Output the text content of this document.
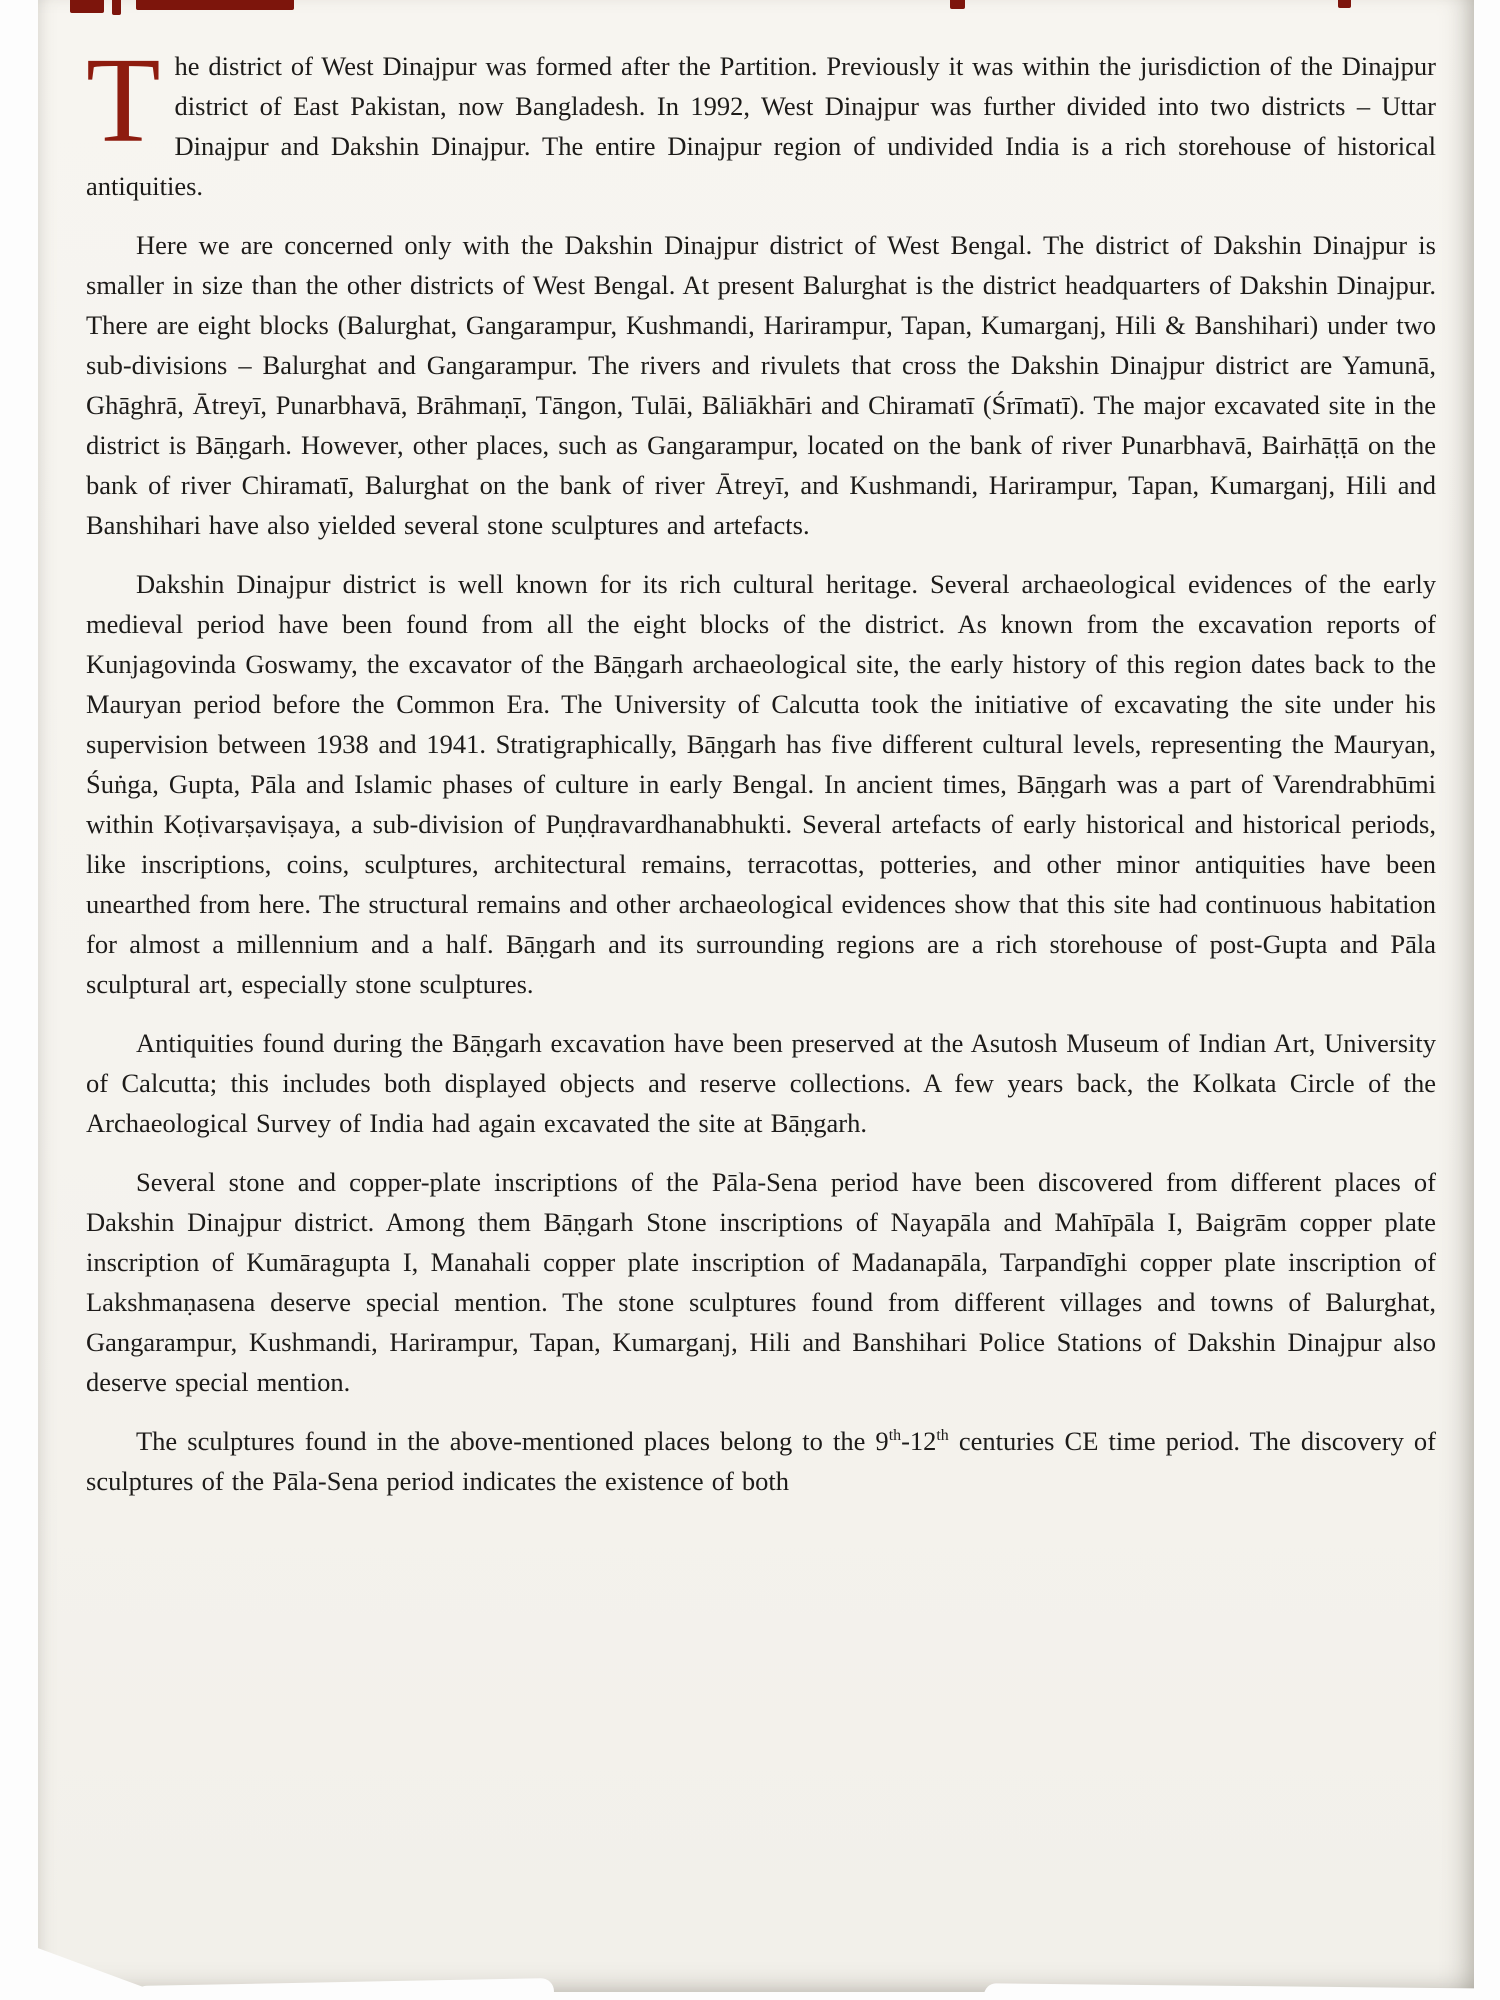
The district of West Dinajpur was formed after the Partition. Previously it was within the jurisdiction of the Dinajpur district of East Pakistan, now Bangladesh. In 1992, West Dinajpur was further divided into two districts – Uttar Dinajpur and Dakshin Dinajpur. The entire Dinajpur region of undivided India is a rich storehouse of historical antiquities.

Here we are concerned only with the Dakshin Dinajpur district of West Bengal. The district of Dakshin Dinajpur is smaller in size than the other districts of West Bengal. At present Balurghat is the district headquarters of Dakshin Dinajpur. There are eight blocks (Balurghat, Gangarampur, Kushmandi, Harirampur, Tapan, Kumarganj, Hili & Banshihari) under two sub-divisions – Balurghat and Gangarampur. The rivers and rivulets that cross the Dakshin Dinajpur district are Yamunā, Ghāghrā, Ātreyī, Punarbhavā, Brāhmaṇī, Tāngon, Tulāi, Bāliākhāri and Chiramatī (Śrīmatī). The major excavated site in the district is Bāṇgarh. However, other places, such as Gangarampur, located on the bank of river Punarbhavā, Bairhāṭṭā on the bank of river Chiramatī, Balurghat on the bank of river Ātreyī, and Kushmandi, Harirampur, Tapan, Kumarganj, Hili and Banshihari have also yielded several stone sculptures and artefacts.

Dakshin Dinajpur district is well known for its rich cultural heritage. Several archaeological evidences of the early medieval period have been found from all the eight blocks of the district. As known from the excavation reports of Kunjagovinda Goswamy, the excavator of the Bāṇgarh archaeological site, the early history of this region dates back to the Mauryan period before the Common Era. The University of Calcutta took the initiative of excavating the site under his supervision between 1938 and 1941. Stratigraphically, Bāṇgarh has five different cultural levels, representing the Mauryan, Śuṅga, Gupta, Pāla and Islamic phases of culture in early Bengal. In ancient times, Bāṇgarh was a part of Varendrabhūmi within Koṭivarṣaviṣaya, a sub-division of Puṇḍravardhanabhukti. Several artefacts of early historical and historical periods, like inscriptions, coins, sculptures, architectural remains, terracottas, potteries, and other minor antiquities have been unearthed from here. The structural remains and other archaeological evidences show that this site had continuous habitation for almost a millennium and a half. Bāṇgarh and its surrounding regions are a rich storehouse of post-Gupta and Pāla sculptural art, especially stone sculptures.

Antiquities found during the Bāṇgarh excavation have been preserved at the Asutosh Museum of Indian Art, University of Calcutta; this includes both displayed objects and reserve collections. A few years back, the Kolkata Circle of the Archaeological Survey of India had again excavated the site at Bāṇgarh.

Several stone and copper-plate inscriptions of the Pāla-Sena period have been discovered from different places of Dakshin Dinajpur district. Among them Bāṇgarh Stone inscriptions of Nayapāla and Mahīpāla I, Baigrām copper plate inscription of Kumāragupta I, Manahali copper plate inscription of Madanapāla, Tarpandīghi copper plate inscription of Lakshmaṇasena deserve special mention. The stone sculptures found from different villages and towns of Balurghat, Gangarampur, Kushmandi, Harirampur, Tapan, Kumarganj, Hili and Banshihari Police Stations of Dakshin Dinajpur also deserve special mention.

The sculptures found in the above-mentioned places belong to the 9th-12th centuries CE time period. The discovery of sculptures of the Pāla-Sena period indicates the existence of both
